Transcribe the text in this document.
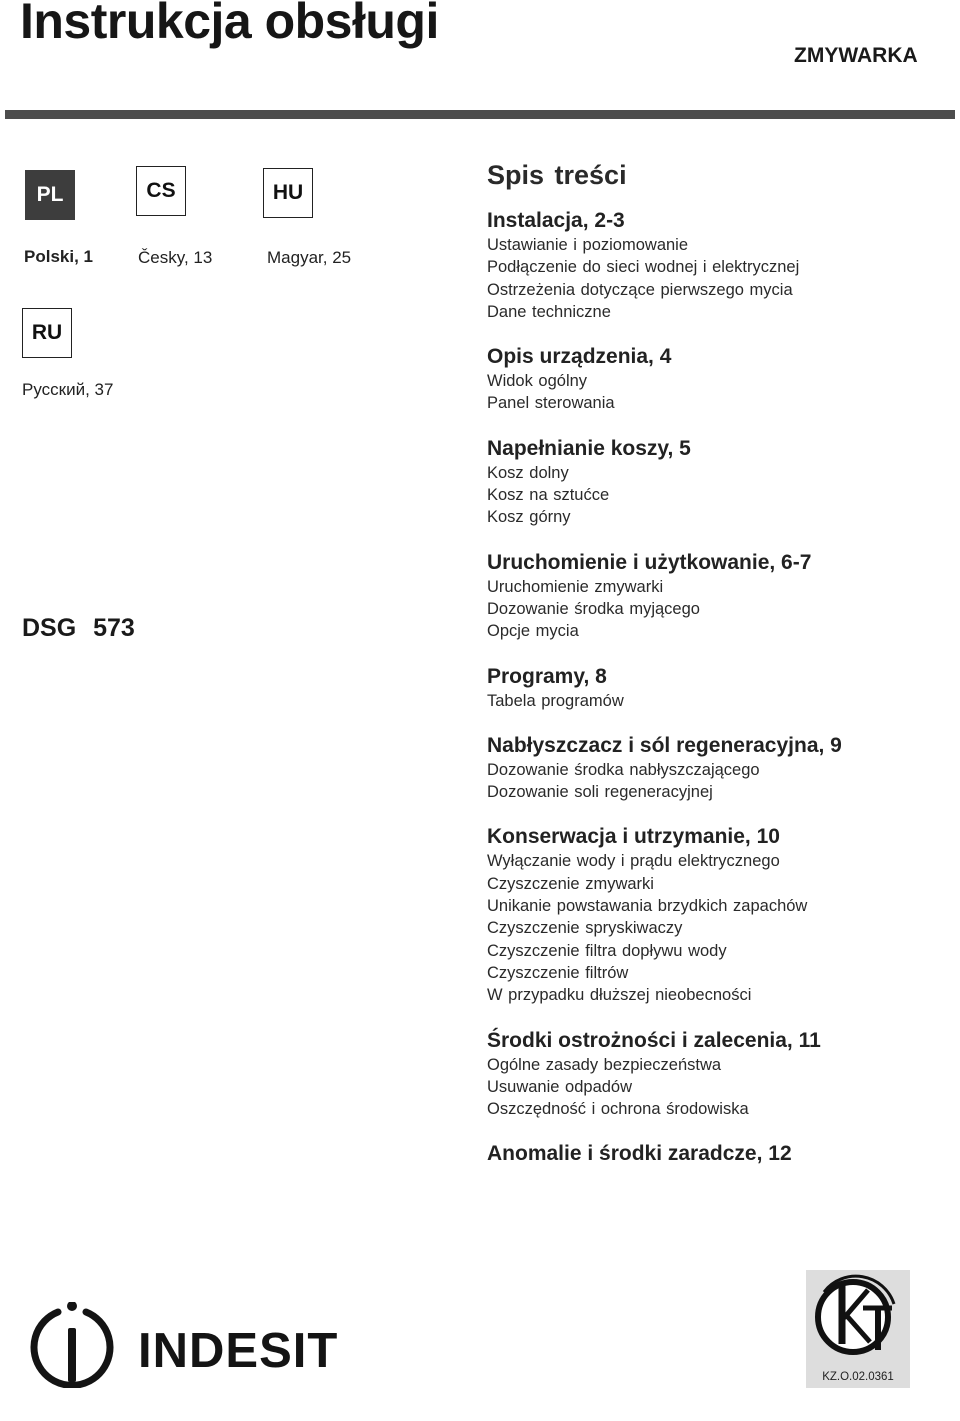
Instrukcja obsługi
ZMYWARKA
PL
Polski, 1
CS
Česky, 13
HU
Magyar, 25
RU
Русский, 37
DSG 573
Spis treści
Instalacja, 2-3
Ustawianie i poziomowanie
Podłączenie do sieci wodnej i elektrycznej
Ostrzeżenia dotyczące pierwszego mycia
Dane techniczne
Opis urządzenia, 4
Widok ogólny
Panel sterowania
Napełnianie koszy, 5
Kosz dolny
Kosz na sztućce
Kosz górny
Uruchomienie i użytkowanie, 6-7
Uruchomienie zmywarki
Dozowanie środka myjącego
Opcje mycia
Programy, 8
Tabela programów
Nabłyszczacz i sól regeneracyjna, 9
Dozowanie środka nabłyszczającego
Dozowanie soli regeneracyjnej
Konserwacja i utrzymanie, 10
Wyłączanie wody i prądu elektrycznego
Czyszczenie zmywarki
Unikanie powstawania brzydkich zapachów
Czyszczenie spryskiwaczy
Czyszczenie filtra dopływu wody
Czyszczenie filtrów
W przypadku dłuższej nieobecności
Środki ostrożności i zalecenia, 11
Ogólne zasady bezpieczeństwa
Usuwanie odpadów
Oszczędność i ochrona środowiska
Anomalie i środki zaradcze, 12
INDESIT	KZ.O.02.0361
